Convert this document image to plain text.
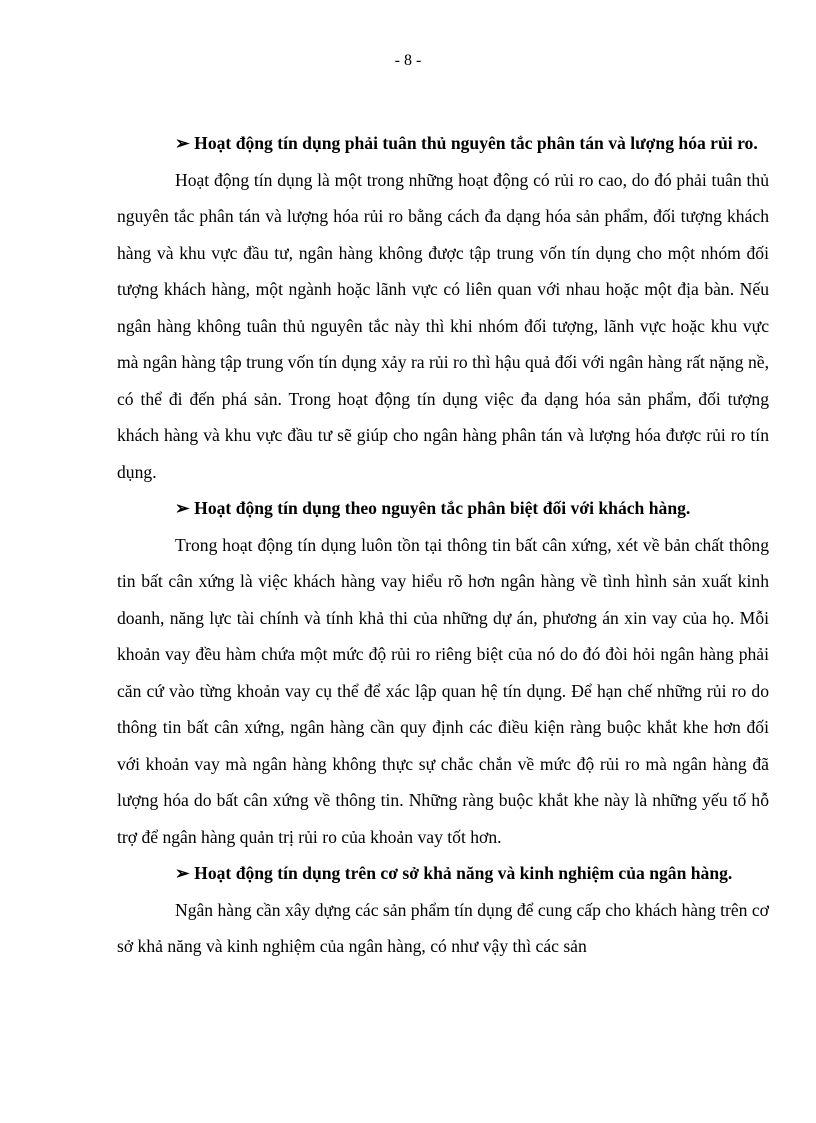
- 8 -

➢ Hoạt động tín dụng phải tuân thủ nguyên tắc phân tán và lượng hóa rủi ro.

Hoạt động tín dụng là một trong những hoạt động có rủi ro cao, do đó phải tuân thủ nguyên tắc phân tán và lượng hóa rủi ro bằng cách đa dạng hóa sản phẩm, đối tượng khách hàng và khu vực đầu tư, ngân hàng không được tập trung vốn tín dụng cho một nhóm đối tượng khách hàng, một ngành hoặc lãnh vực có liên quan với nhau hoặc một địa bàn. Nếu ngân hàng không tuân thủ nguyên tắc này thì khi nhóm đối tượng, lãnh vực hoặc khu vực mà ngân hàng tập trung vốn tín dụng xảy ra rủi ro thì hậu quả đối với ngân hàng rất nặng nề, có thể đi đến phá sản. Trong hoạt động tín dụng việc đa dạng hóa sản phẩm, đối tượng khách hàng và khu vực đầu tư sẽ giúp cho ngân hàng phân tán và lượng hóa được rủi ro tín dụng.

➢ Hoạt động tín dụng theo nguyên tắc phân biệt đối với khách hàng.

Trong hoạt động tín dụng luôn tồn tại thông tin bất cân xứng, xét về bản chất thông tin bất cân xứng là việc khách hàng vay hiểu rõ hơn ngân hàng về tình hình sản xuất kinh doanh, năng lực tài chính và tính khả thi của những dự án, phương án xin vay của họ. Mỗi khoản vay đều hàm chứa một mức độ rủi ro riêng biệt của nó do đó đòi hỏi ngân hàng phải căn cứ vào từng khoản vay cụ thể để xác lập quan hệ tín dụng. Để hạn chế những rủi ro do thông tin bất cân xứng, ngân hàng cần quy định các điều kiện ràng buộc khắt khe hơn đối với khoản vay mà ngân hàng không thực sự chắc chắn về mức độ rủi ro mà ngân hàng đã lượng hóa do bất cân xứng về thông tin. Những ràng buộc khắt khe này là những yếu tố hỗ trợ để ngân hàng quản trị rủi ro của khoản vay tốt hơn.

➢ Hoạt động tín dụng trên cơ sở khả năng và kinh nghiệm của ngân hàng.

Ngân hàng cần xây dựng các sản phẩm tín dụng để cung cấp cho khách hàng trên cơ sở khả năng và kinh nghiệm của ngân hàng, có như vậy thì các sản
